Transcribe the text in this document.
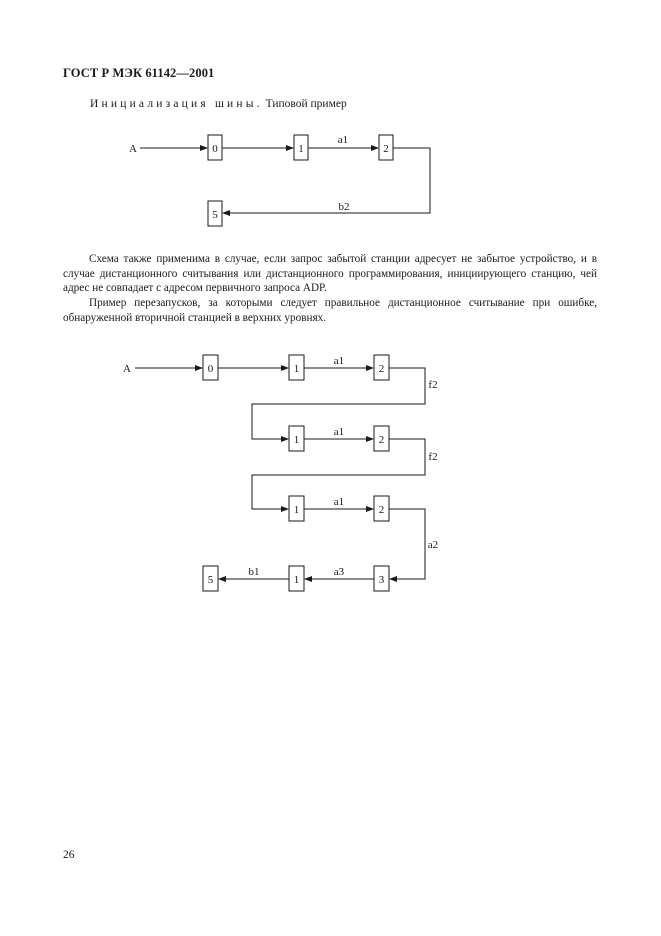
ГОСТ Р МЭК 61142—2001
Инициализация шины. Типовой пример
A	0	1	2
5
a1
b2
A	0	1	2
a1
f2
1	2
a1
f2
1	2
a1
a2
5	1	3
a3
b1
Схема также применима в случае, если запрос забытой станции адресует не забытое устройство, и в случае дистанционного считывания или дистанционного программирования, инициирующего станцию, чей адрес не совпадает с адресом первичного запроса ADP.
Пример перезапусков, за которыми следует правильное дистанционное считывание при ошибке, обнаруженной вторичной станцией в верхних уровнях.
26
